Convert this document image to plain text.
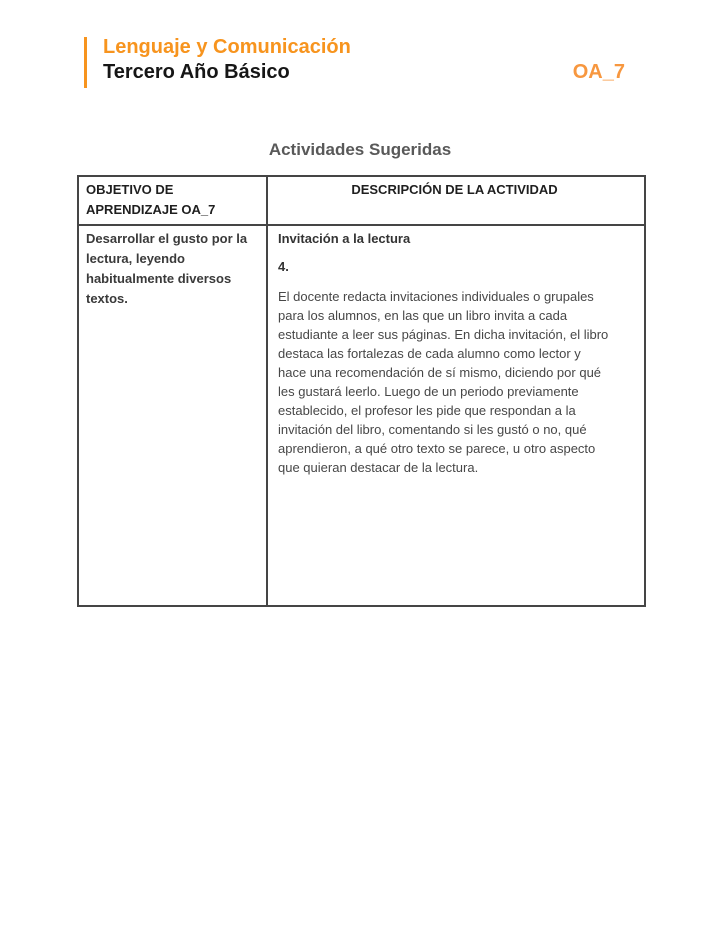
Lenguaje y Comunicación
Tercero Año Básico	OA_7
Actividades Sugeridas
OBJETIVO DE APRENDIZAJE OA_7	DESCRIPCIÓN DE LA ACTIVIDAD
Desarrollar el gusto por la lectura, leyendo habitualmente diversos textos.	Invitación a la lectura

4.

El docente redacta invitaciones individuales o grupales para los alumnos, en las que un libro invita a cada estudiante a leer sus páginas. En dicha invitación, el libro destaca las fortalezas de cada alumno como lector y hace una recomendación de sí mismo, diciendo por qué les gustará leerlo. Luego de un periodo previamente establecido, el profesor les pide que respondan a la invitación del libro, comentando si les gustó o no, qué aprendieron, a qué otro texto se parece, u otro aspecto que quieran destacar de la lectura.
